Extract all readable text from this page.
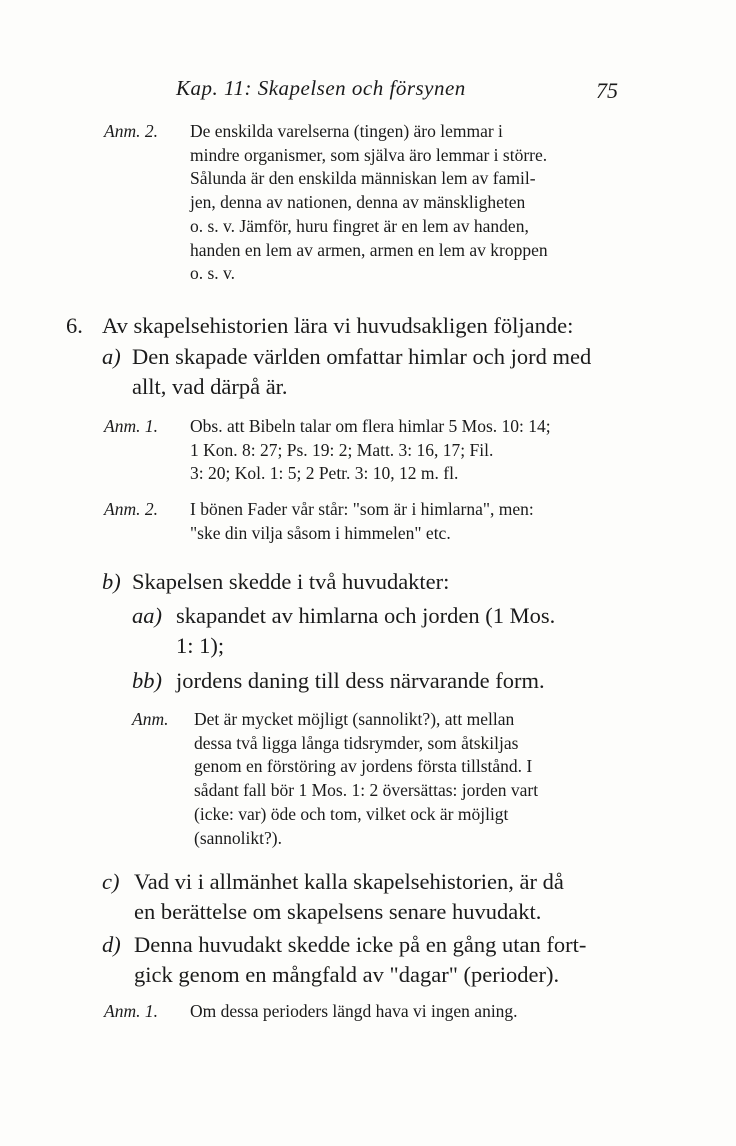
Kap. 11: Skapelsen och försynen	75
Anm. 2. De enskilda varelserna (tingen) äro lemmar i
mindre organismer, som själva äro lemmar i större.
Sålunda är den enskilda människan lem av famil-
jen, denna av nationen, denna av mänskligheten
o. s. v. Jämför, huru fingret är en lem av handen,
handen en lem av armen, armen en lem av kroppen
o. s. v.
6. Av skapelsehistorien lära vi huvudsakligen följande:
a) Den skapade världen omfattar himlar och jord med
allt, vad därpå är.
Anm. 1. Obs. att Bibeln talar om flera himlar 5 Mos. 10: 14;
1 Kon. 8: 27; Ps. 19: 2; Matt. 3: 16, 17; Fil.
3: 20; Kol. 1: 5; 2 Petr. 3: 10, 12 m. fl.
Anm. 2. I bönen Fader vår står: "som är i himlarna", men:
"ske din vilja såsom i himmelen" etc.
b) Skapelsen skedde i två huvudakter:
aa) skapandet av himlarna och jorden (1 Mos.
1: 1);
bb) jordens daning till dess närvarande form.
Anm. Det är mycket möjligt (sannolikt?), att mellan
dessa två ligga långa tidsrymder, som åtskiljas
genom en förstöring av jordens första tillstånd. I
sådant fall bör 1 Mos. 1: 2 översättas: jorden vart
(icke: var) öde och tom, vilket ock är möjligt
(sannolikt?).
c) Vad vi i allmänhet kalla skapelsehistorien, är då
en berättelse om skapelsens senare huvudakt.
d) Denna huvudakt skedde icke på en gång utan fort-
gick genom en mångfald av "dagar" (perioder).
Anm. 1. Om dessa perioders längd hava vi ingen aning.
